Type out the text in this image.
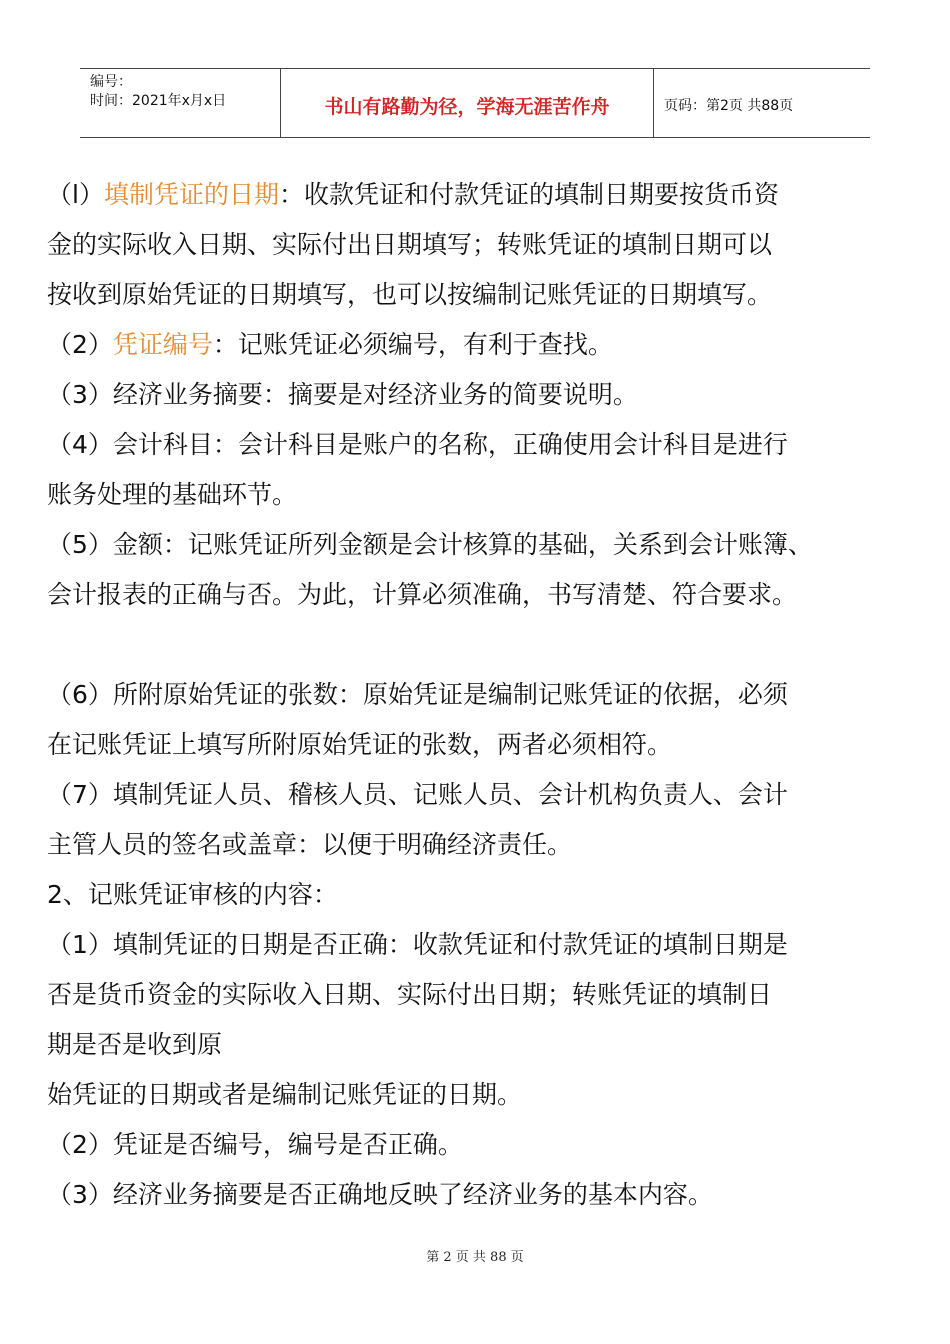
编号：
时间：2021年x月x日	书山有路勤为径，学海无涯苦作舟	页码：第2页 共88页
（l）填制凭证的日期：收款凭证和付款凭证的填制日期要按货币资
金的实际收入日期、实际付出日期填写；转账凭证的填制日期可以
按收到原始凭证的日期填写，也可以按编制记账凭证的日期填写。
（2）凭证编号：记账凭证必须编号，有利于查找。
（3）经济业务摘要：摘要是对经济业务的简要说明。
（4）会计科目：会计科目是账户的名称，正确使用会计科目是进行
账务处理的基础环节。
（5）金额：记账凭证所列金额是会计核算的基础，关系到会计账簿、
会计报表的正确与否。为此，计算必须准确，书写清楚、符合要求。
（6）所附原始凭证的张数：原始凭证是编制记账凭证的依据，必须
在记账凭证上填写所附原始凭证的张数，两者必须相符。
（7）填制凭证人员、稽核人员、记账人员、会计机构负责人、会计
主管人员的签名或盖章：以便于明确经济责任。
2、记账凭证审核的内容：
（1）填制凭证的日期是否正确：收款凭证和付款凭证的填制日期是
否是货币资金的实际收入日期、实际付出日期；转账凭证的填制日
期是否是收到原
始凭证的日期或者是编制记账凭证的日期。
（2）凭证是否编号，编号是否正确。
（3）经济业务摘要是否正确地反映了经济业务的基本内容。
第 2 页 共 88 页
